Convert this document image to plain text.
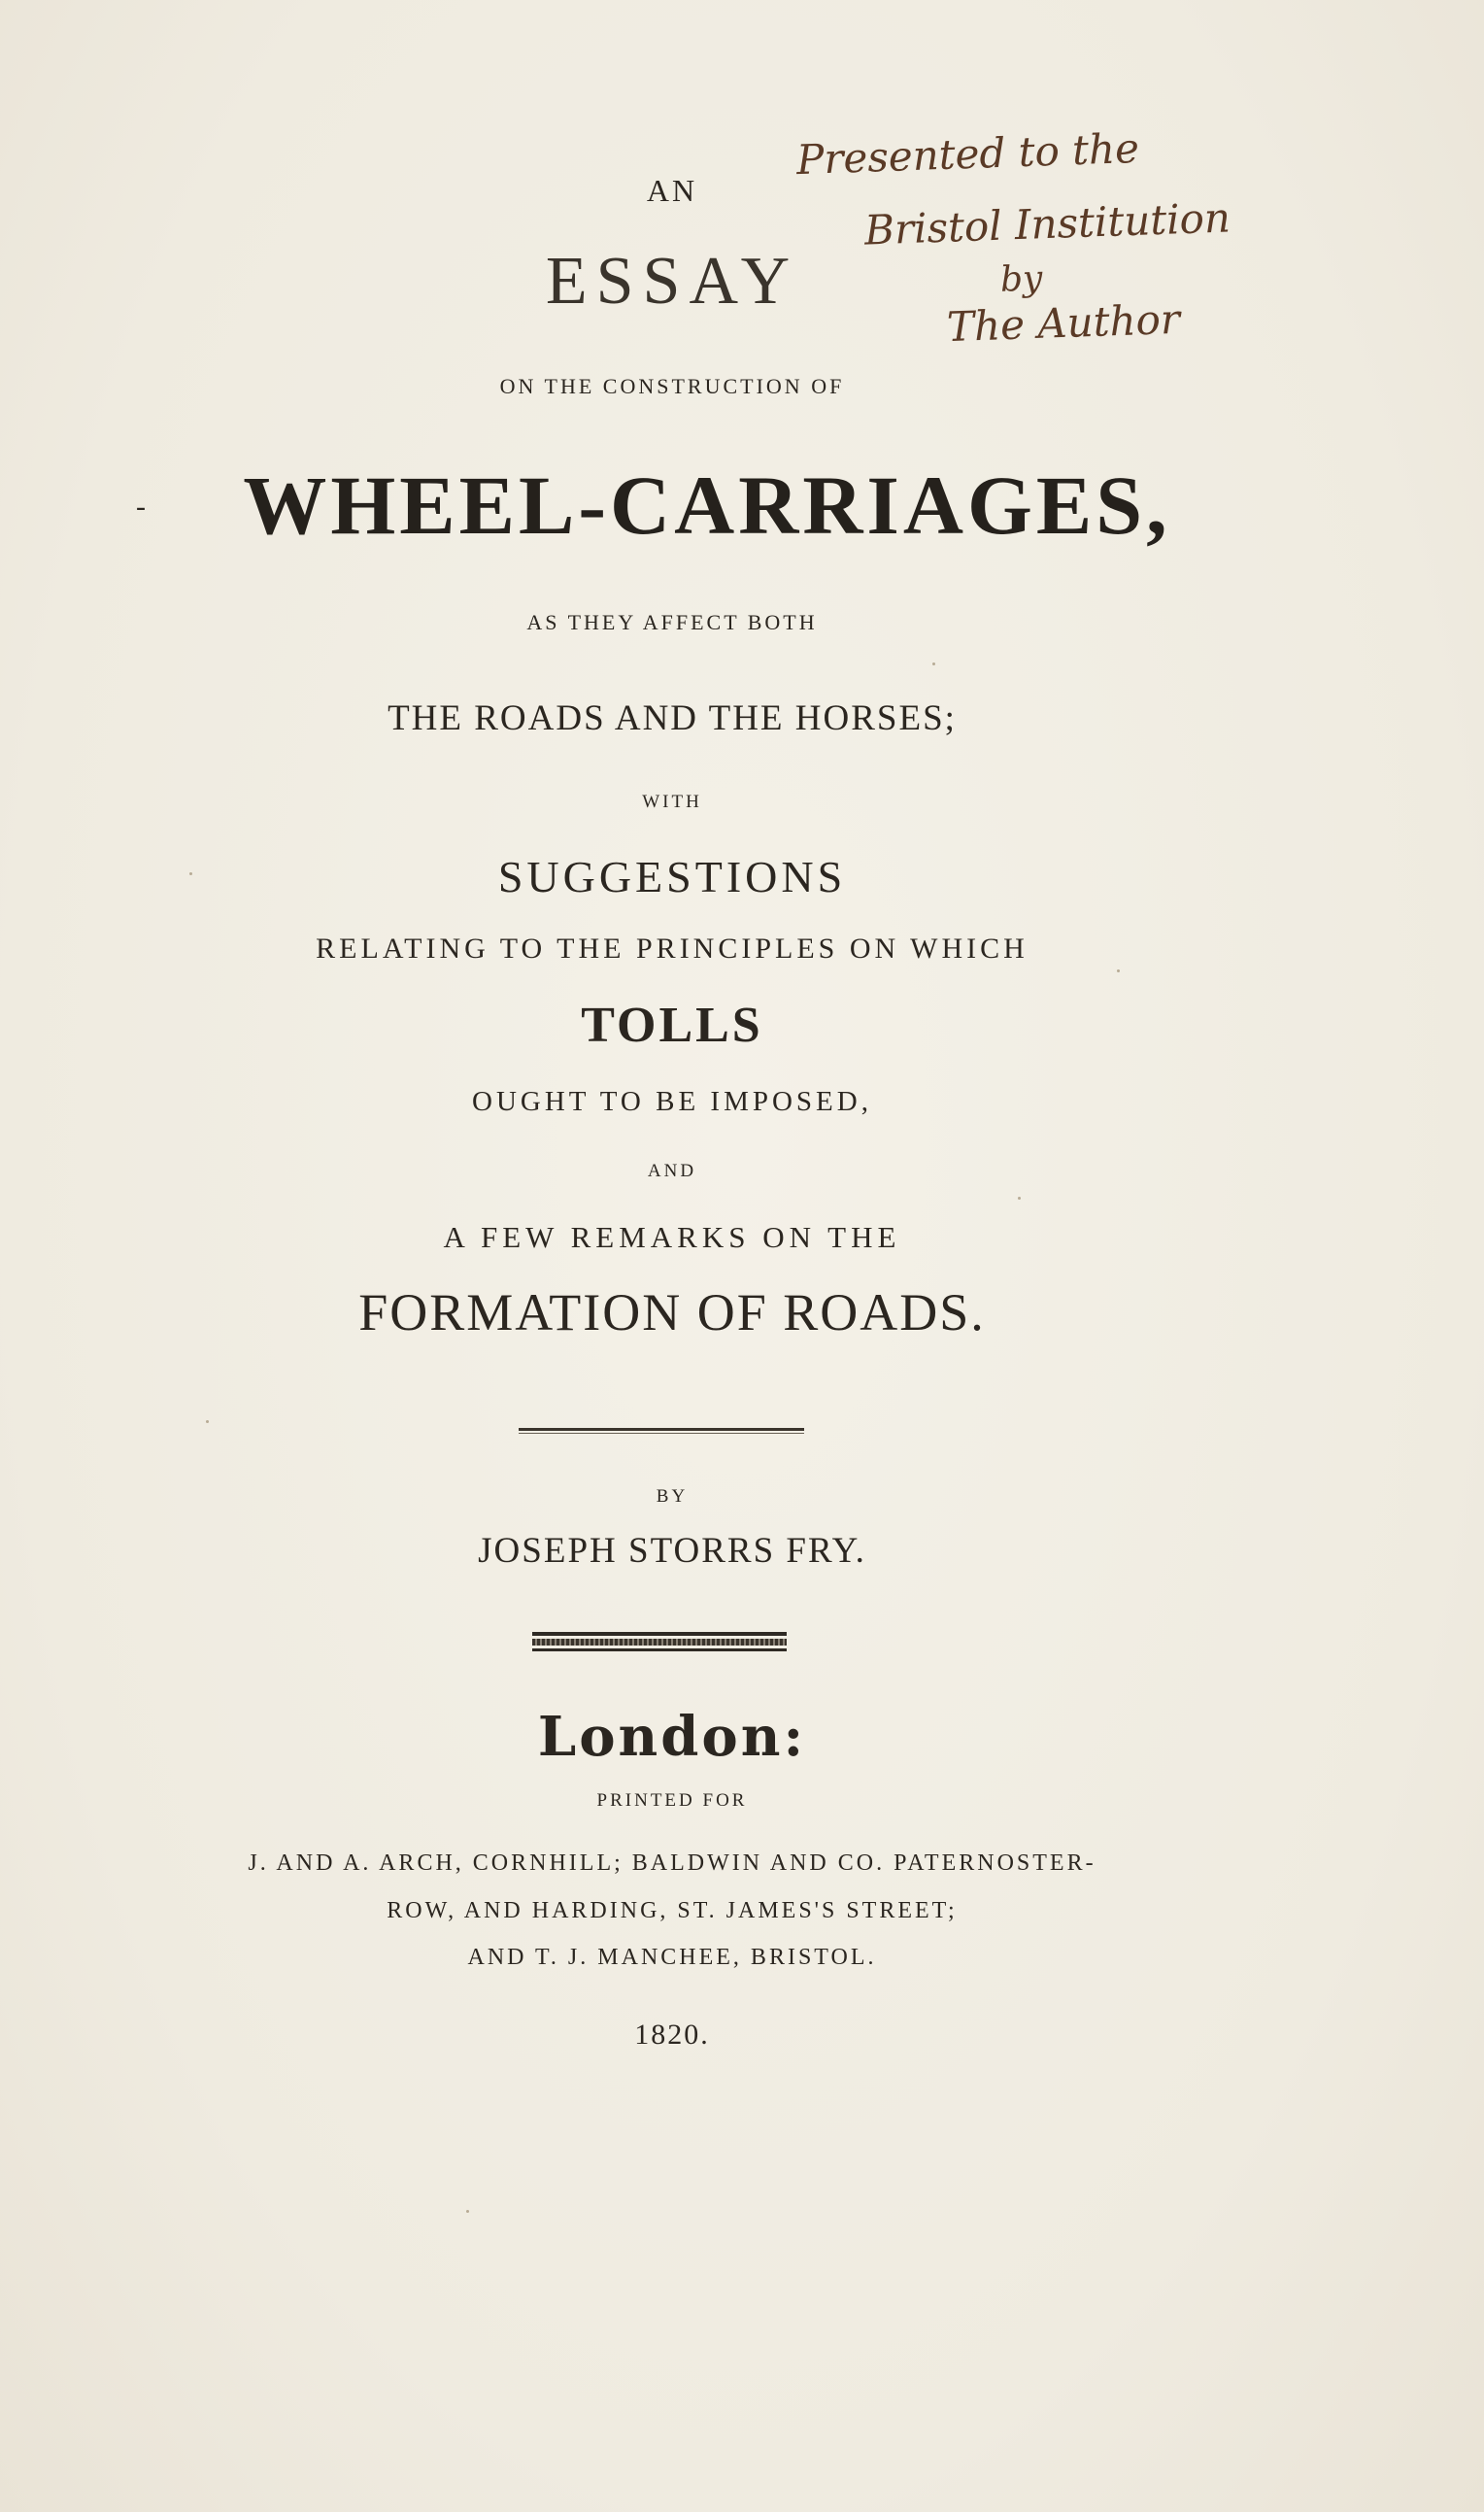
Presented to the
Bristol Institution
by
The Author
AN
ESSAY
ON THE CONSTRUCTION OF
-	WHEEL-CARRIAGES,
AS THEY AFFECT BOTH
THE ROADS AND THE HORSES;
WITH
SUGGESTIONS
RELATING TO THE PRINCIPLES ON WHICH
TOLLS
OUGHT TO BE IMPOSED,
AND
A FEW REMARKS ON THE
FORMATION OF ROADS.
BY
JOSEPH STORRS FRY.
London:
PRINTED FOR
J. AND A. ARCH, CORNHILL; BALDWIN AND CO. PATERNOSTER-
ROW, AND HARDING, ST. JAMES'S STREET;
AND T. J. MANCHEE, BRISTOL.
1820.
